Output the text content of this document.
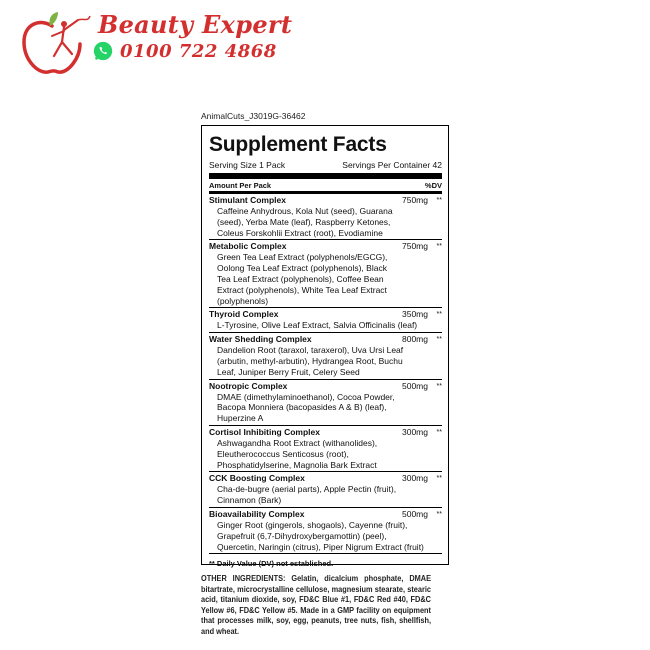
Beauty Expert
0100 722 4868
AnimalCuts_J3019G-36462
Supplement Facts
Serving Size 1 Pack	Servings Per Container 42
Amount Per Pack	%DV
Stimulant Complex	750mg	**
Caffeine Anhydrous, Kola Nut (seed), Guarana
(seed), Yerba Mate (leaf), Raspberry Ketones,
Coleus Forskohlii Extract (root), Evodiamine
Metabolic Complex	750mg	**
Green Tea Leaf Extract (polyphenols/EGCG),
Oolong Tea Leaf Extract (polyphenols), Black
Tea Leaf Extract (polyphenols), Coffee Bean
Extract (polyphenols), White Tea Leaf Extract
(polyphenols)
Thyroid Complex	350mg	**
L-Tyrosine, Olive Leaf Extract, Salvia Officinalis (leaf)
Water Shedding Complex	800mg	**
Dandelion Root (taraxol, taraxerol), Uva Ursi Leaf
(arbutin, methyl-arbutin), Hydrangea Root, Buchu
Leaf, Juniper Berry Fruit, Celery Seed
Nootropic Complex	500mg	**
DMAE (dimethylaminoethanol), Cocoa Powder,
Bacopa Monniera (bacopasides A & B) (leaf),
Huperzine A
Cortisol Inhibiting Complex	300mg	**
Ashwagandha Root Extract (withanolides),
Eleutherococcus Senticosus (root),
Phosphatidylserine, Magnolia Bark Extract
CCK Boosting Complex	300mg	**
Cha-de-bugre (aerial parts), Apple Pectin (fruit),
Cinnamon (Bark)
Bioavailability Complex	500mg	**
Ginger Root (gingerols, shogaols), Cayenne (fruit),
Grapefruit (6,7-Dihydroxybergamottin) (peel),
Quercetin, Naringin (citrus), Piper Nigrum Extract (fruit)
** Daily Value (DV) not established.
OTHER INGREDIENTS: Gelatin, dicalcium phosphate, DMAE bitartrate, microcrystalline cellulose, magnesium stearate, stearic acid, titanium dioxide, soy, FD&C Blue #1, FD&C Red #40, FD&C Yellow #6, FD&C Yellow #5. Made in a GMP facility on equipment that processes milk, soy, egg, peanuts, tree nuts, fish, shellfish, and wheat.
